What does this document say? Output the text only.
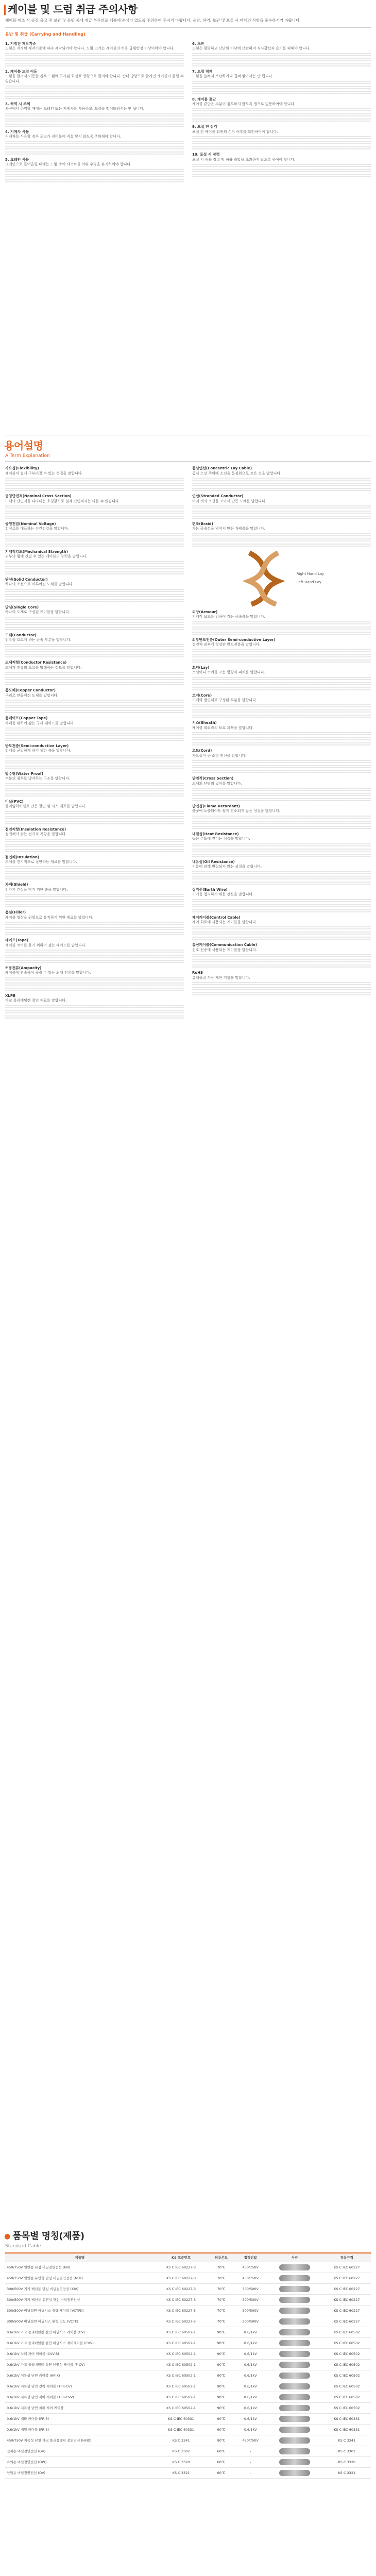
케이블 및 드럼 취급 주의사항
케이블 제조 시 공장 출고 전 보관 및 운반 중에 취급 부주의로 제품에 손상이 없도록 주의하여 주시기 바랍니다. 운반, 하역, 보관 및 포설 시 아래의 사항을 준수하시기 바랍니다.
운반 및 취급 (Carrying and Handling)
1. 지정된 제작기준

드럼은 지정된 제작기준에 따라 제작되어야 합니다. 드럼 크기는 케이블의 허용 굽힘반경 이상이어야 합니다.

2. 케이블 드럼 이동

드럼을 굴려서 이동할 경우 드럼에 표시된 화살표 방향으로 굴려야 합니다. 반대 방향으로 굴리면 케이블이 풀릴 수 있습니다.

3. 하역 시 주의

차량에서 하역할 때에는 크레인 또는 지게차를 사용하고, 드럼을 떨어뜨려서는 안 됩니다.

4. 지게차 사용

지게차를 사용할 경우 포크가 케이블에 직접 닿지 않도록 주의해야 합니다.

5. 크레인 사용

크레인으로 들어올릴 때에는 드럼 축에 샤프트를 끼워 수평을 유지하여야 합니다.

6. 보관

드럼은 평평하고 단단한 바닥에 보관하며 직사광선과 습기를 피해야 합니다.

7. 드럼 적재

드럼을 눕혀서 보관하거나 겹쳐 쌓아서는 안 됩니다.

8. 케이블 끝단

케이블 끝단은 수분이 침투하지 않도록 캡으로 밀봉하여야 합니다.

9. 포설 전 점검

포설 전 케이블 외관의 손상 여부를 확인하여야 합니다.

10. 포설 시 장력

포설 시 허용 장력 및 허용 측압을 초과하지 않도록 하여야 합니다.

용어설명
A Term Explanation
가요성(Flexibility)

케이블이 쉽게 구부러질 수 있는 성질을 말합니다.

공칭단면적(Nominal Cross Section)

도체의 단면적을 나타내는 호칭값으로 실제 단면적과는 다를 수 있습니다.

공칭전압(Nominal Voltage)

전선로를 대표하는 선간전압을 말합니다.

기계적강도(Mechanical Strength)

외부의 힘에 견딜 수 있는 케이블의 능력을 말합니다.

단선(Solid Conductor)

하나의 소선으로 이루어진 도체를 말합니다.

단심(Single Core)

하나의 도체로 구성된 케이블을 말합니다.

도체(Conductor)

전류를 흐르게 하는 금속 부분을 말합니다.

도체저항(Conductor Resistance)

도체가 전류의 흐름을 방해하는 정도를 말합니다.

동도체(Copper Conductor)

구리로 만들어진 도체를 말합니다.

동테이프(Copper Tape)

차폐를 위하여 감는 구리 테이프를 말합니다.

반도전층(Semi-conductive Layer)

전계를 균일하게 하기 위한 층을 말합니다.

방수형(Water Proof)

수분의 침투를 방지하는 구조를 말합니다.

비닐(PVC)

폴리염화비닐로 만든 절연 및 시스 재료를 말합니다.

절연저항(Insulation Resistance)

절연체가 갖는 전기적 저항을 말합니다.

절연체(Insulation)

도체를 전기적으로 절연하는 재료를 말합니다.

차폐(Shield)

전자기 간섭을 막기 위한 층을 말합니다.

충실(Filler)

케이블 형상을 원형으로 유지하기 위한 재료를 말합니다.

테이프(Tape)

케이블 코어를 묶기 위하여 감는 테이프를 말합니다.

허용전류(Ampacity)

케이블에 연속하여 흘릴 수 있는 최대 전류를 말합니다.

XLPE

가교 폴리에틸렌 절연 재료를 말합니다.

동심연선(Concentric Lay Cable)

중심 소선 주위에 소선을 동심원으로 꼬은 것을 말합니다.

연선(Stranded Conductor)

여러 개의 소선을 꼬아서 만든 도체를 말합니다.

편조(Braid)

가는 금속선을 엮어서 만든 차폐층을 말합니다.

Right Hand Lay
Left Hand Lay
외장(Armour)

기계적 보호를 위하여 감는 금속층을 말합니다.

외부반도전층(Outer Semi-conductive Layer)

절연체 외부에 형성된 반도전층을 말합니다.

꼬임(Lay)

소선이나 코어를 꼬는 방향과 피치를 말합니다.

코어(Core)

도체와 절연체로 구성된 부분을 말합니다.

시스(Sheath)

케이블 최외곽의 보호 피복을 말합니다.

코드(Cord)

가요성이 큰 소형 전선을 말합니다.

단면적(Cross Section)

도체의 단면의 넓이를 말합니다.

난연성(Flame Retardant)

불꽃에 노출되어도 쉽게 연소되지 않는 성질을 말합니다.

내열성(Heat Resistance)

높은 온도에 견디는 성질을 말합니다.

내유성(Oil Resistance)

기름에 의해 변질되지 않는 성질을 말합니다.

접지선(Earth Wire)

기기를 접지하기 위한 전선을 말합니다.

제어케이블(Control Cable)

제어 회로에 사용되는 케이블을 말합니다.

통신케이블(Communication Cable)

신호 전송에 사용되는 케이블을 말합니다.

RoHS

유해물질 사용 제한 지침을 말합니다.

● 품목별 명칭(제품)
Standard Cable
제품명	KS 표준번호	허용온도	정격전압	사진	적용규격
450/750V 일반용 단심 비닐절연전선 (NR)	KS C IEC 60227-3	70℃	450/750V		KS C IEC 60227
450/750V 일반용 유연성 단심 비닐절연전선 (NFR)	KS C IEC 60227-3	70℃	450/750V		KS C IEC 60227
300/500V 기기 배선용 단심 비닐절연전선 (KIV)	KS C IEC 60227-3	70℃	300/500V		KS C IEC 60227
300/500V 기기 배선용 유연성 단심 비닐절연전선	KS C IEC 60227-3	70℃	300/500V		KS C IEC 60227
300/500V 비닐절연 비닐시스 경량 케이블 (VCTFK)	KS C IEC 60227-5	70℃	300/500V		KS C IEC 60227
300/500V 비닐절연 비닐시스 원형 코드 (VCTF)	KS C IEC 60227-5	70℃	300/500V		KS C IEC 60227
0.6/1kV 가교 폴리에틸렌 절연 비닐시스 케이블 (CV)	KS C IEC 60502-1	90℃	0.6/1kV		KS C IEC 60502
0.6/1kV 가교 폴리에틸렌 절연 비닐시스 제어케이블 (CVV)	KS C IEC 60502-1	90℃	0.6/1kV		KS C IEC 60502
0.6/1kV 차폐 제어 케이블 (CVV-S)	KS C IEC 60502-1	90℃	0.6/1kV		KS C IEC 60502
0.6/1kV 가교 폴리에틸렌 절연 난연성 케이블 (F-CV)	KS C IEC 60502-1	90℃	0.6/1kV		KS C IEC 60502
0.6/1kV 저독성 난연 케이블 (HFIX)	KS C IEC 60502-1	90℃	0.6/1kV		KS C IEC 60502
0.6/1kV 저독성 난연 전력 케이블 (TFR-CV)	KS C IEC 60502-1	90℃	0.6/1kV		KS C IEC 60502
0.6/1kV 저독성 난연 제어 케이블 (TFR-CVV)	KS C IEC 60502-1	90℃	0.6/1kV		KS C IEC 60502
0.6/1kV 저독성 난연 차폐 제어 케이블	KS C IEC 60502-1	90℃	0.6/1kV		KS C IEC 60502
0.6/1kV 내화 케이블 (FR-8)	KS C IEC 60331	90℃	0.6/1kV		KS C IEC 60331
0.6/1kV 내열 케이블 (FR-3)	KS C IEC 60331	90℃	0.6/1kV		KS C IEC 60331
450/750V 저독성 난연 가교 폴리올레핀 절연전선 (HFIX)	KS C 3341	90℃	450/750V		KS C 3341
접지용 비닐절연전선 (GV)	KS C 3302	60℃	-		KS C 3302
옥외용 비닐절연전선 (OW)	KS C 3320	60℃	-		KS C 3320
인입용 비닐절연전선 (DV)	KS C 3321	60℃	-		KS C 3321
